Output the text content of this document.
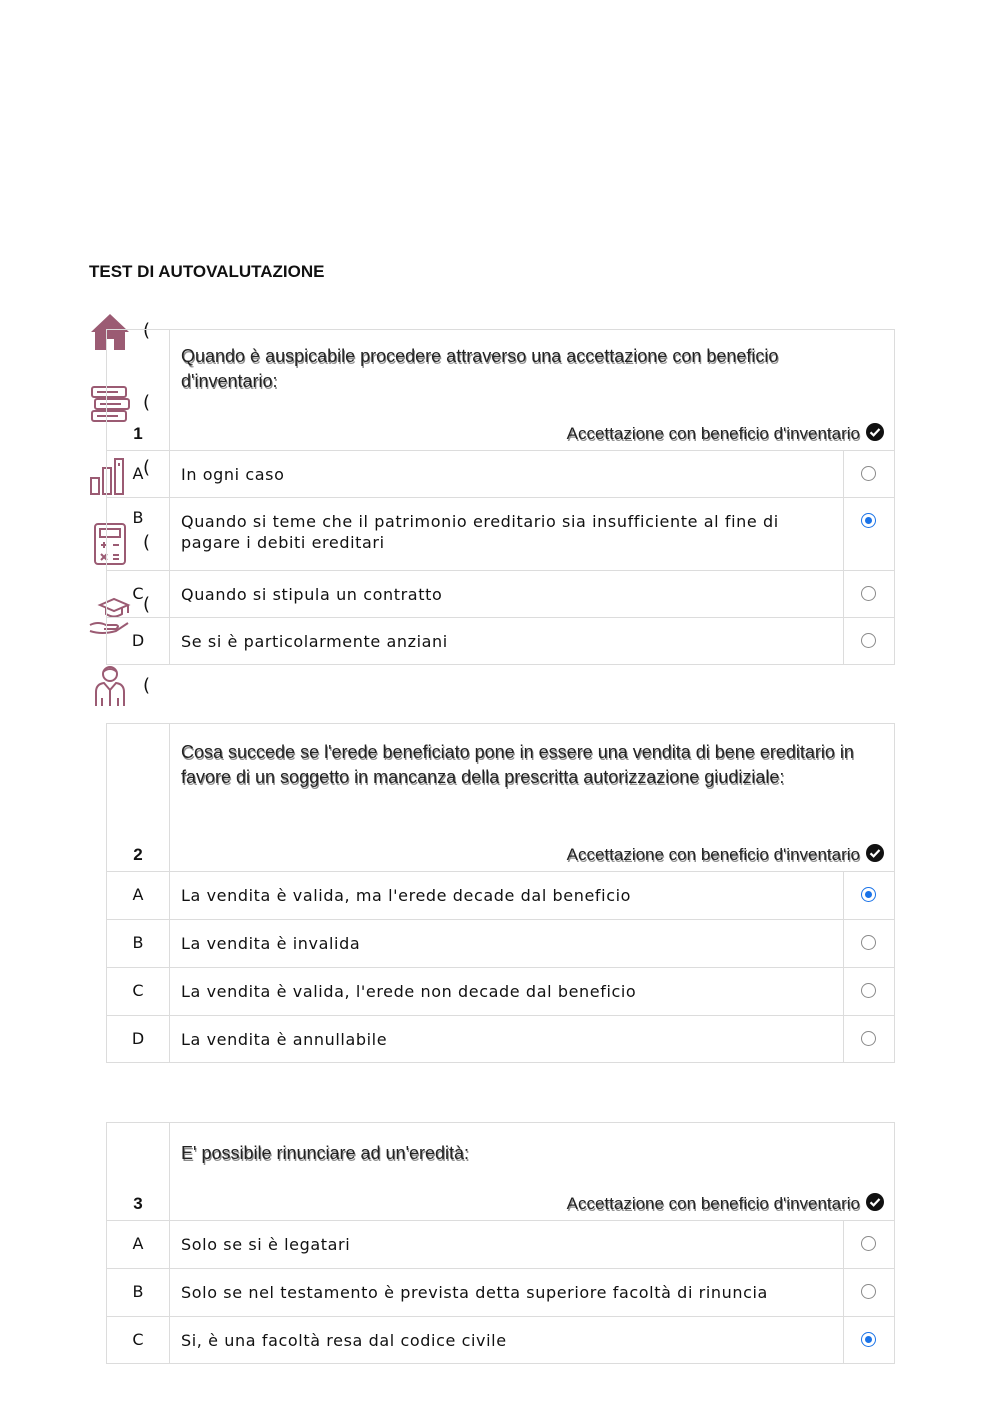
TEST DI AUTOVALUTAZIONE
(
(
(
(
(
(
1
Quando è auspicabile procedere attraverso una accettazione con beneficio d'inventario:
Accettazione con beneficio d'inventario
A	In ogni caso
B	Quando si teme che il patrimonio ereditario sia insufficiente al fine di pagare i debiti ereditari
C	Quando si stipula un contratto
D	Se si è particolarmente anziani
2
Cosa succede se l'erede beneficiato pone in essere una vendita di bene ereditario in favore di un soggetto in mancanza della prescritta autorizzazione giudiziale:
Accettazione con beneficio d'inventario
A	La vendita è valida, ma l'erede decade dal beneficio
B	La vendita è invalida
C	La vendita è valida, l'erede non decade dal beneficio
D	La vendita è annullabile
3
E' possibile rinunciare ad un'eredità:
Accettazione con beneficio d'inventario
A	Solo se si è legatari
B	Solo se nel testamento è prevista detta superiore facoltà di rinuncia
C	Si, è una facoltà resa dal codice civile
